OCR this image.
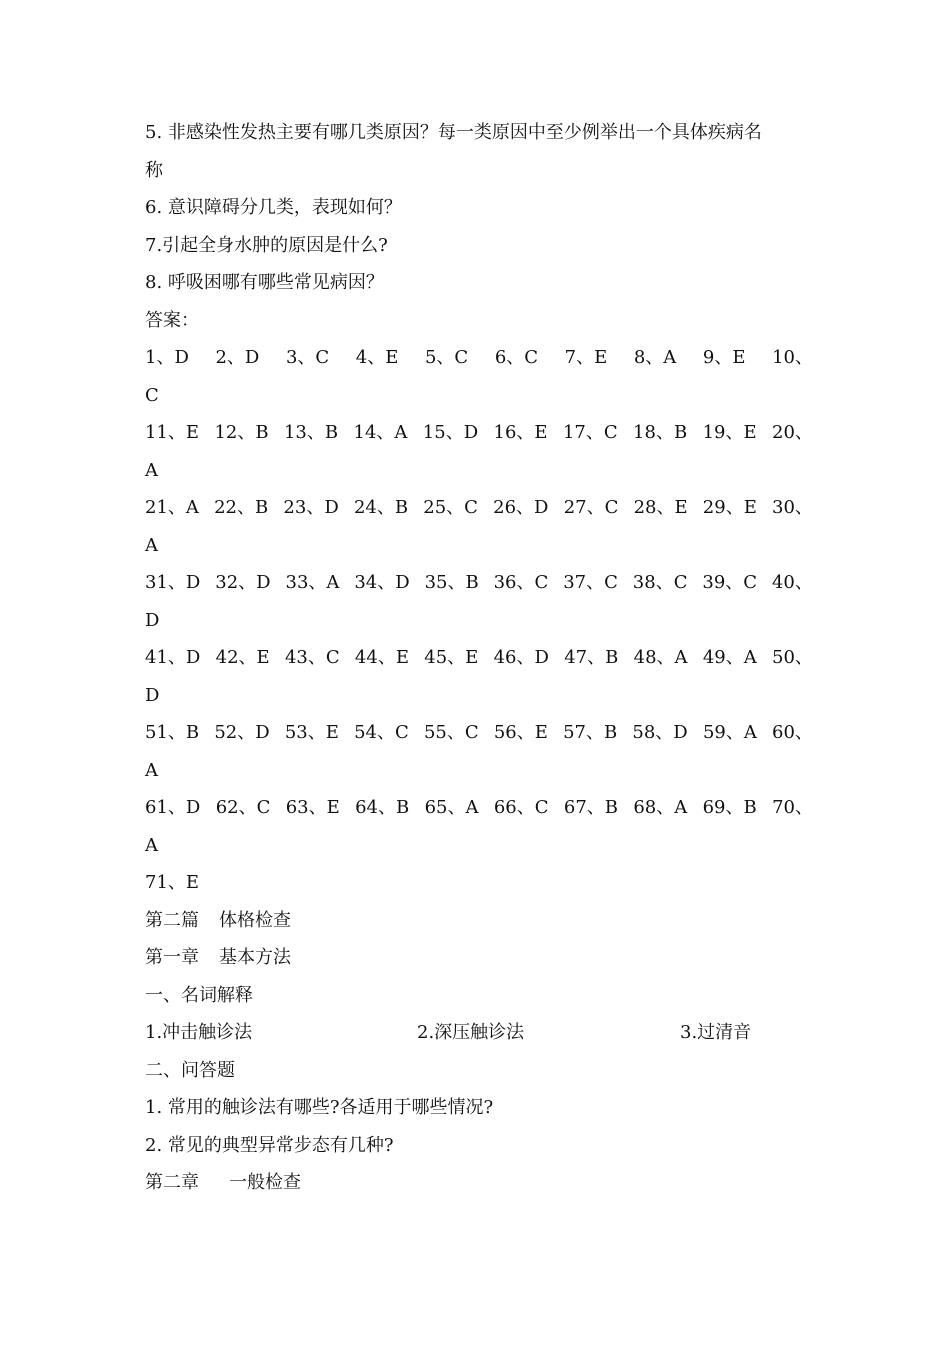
5. 非感染性发热主要有哪几类原因？每一类原因中至少例举出一个具体疾病名
称
6. 意识障碍分几类，表现如何？
7.引起全身水肿的原因是什么?
8. 呼吸困哪有哪些常见病因？
答案：
1、D 2、D 3、C 4、E 5、C 6、C 7、E 8、A 9、E 10、
C
11、E 12、B 13、B 14、A 15、D 16、E 17、C 18、B 19、E 20、
A
21、A 22、B 23、D 24、B 25、C 26、D 27、C 28、E 29、E 30、
A
31、D 32、D 33、A 34、D 35、B 36、C 37、C 38、C 39、C 40、
D
41、D 42、E 43、C 44、E 45、E 46、D 47、B 48、A 49、A 50、
D
51、B 52、D 53、E 54、C 55、C 56、E 57、B 58、D 59、A 60、
A
61、D 62、C 63、E 64、B 65、A 66、C 67、B 68、A 69、B 70、
A
71、E
第二篇 体格检查
第一章 基本方法
一、名词解释
1.冲击触诊法	2.深压触诊法	3.过清音
二、问答题
1. 常用的触诊法有哪些?各适用于哪些情况?
2. 常见的典型异常步态有几种?
第二章 一般检查
